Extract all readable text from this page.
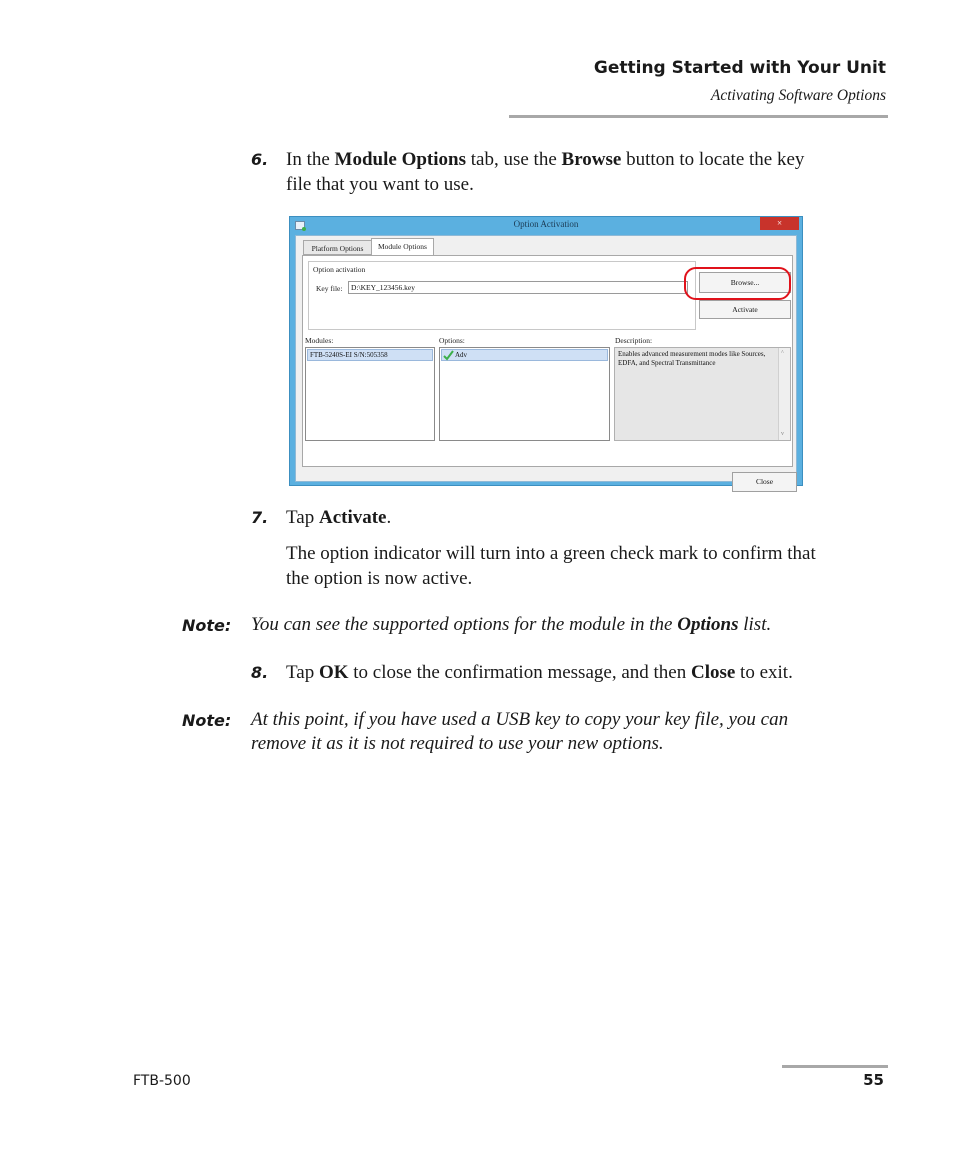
Getting Started with Your Unit
Activating Software Options
6. In the Module Options tab, use the Browse button to locate the key
file that you want to use.
Option Activation	×
Platform Options	Module Options
Option activation
Key file:	D:\KEY_123456.key
Browse...
Activate
Modules:	Options:	Description:
FTB-5240S-EI S/N:505358	Adv	Enables advanced measurement modes like Sources, EDFA, and Spectral Transmittance
^
v
Close
7. Tap Activate.
The option indicator will turn into a green check mark to confirm that
the option is now active.
Note: You can see the supported options for the module in the Options list.
8. Tap OK to close the confirmation message, and then Close to exit.
Note: At this point, if you have used a USB key to copy your key file, you can
remove it as it is not required to use your new options.
FTB-500	55
